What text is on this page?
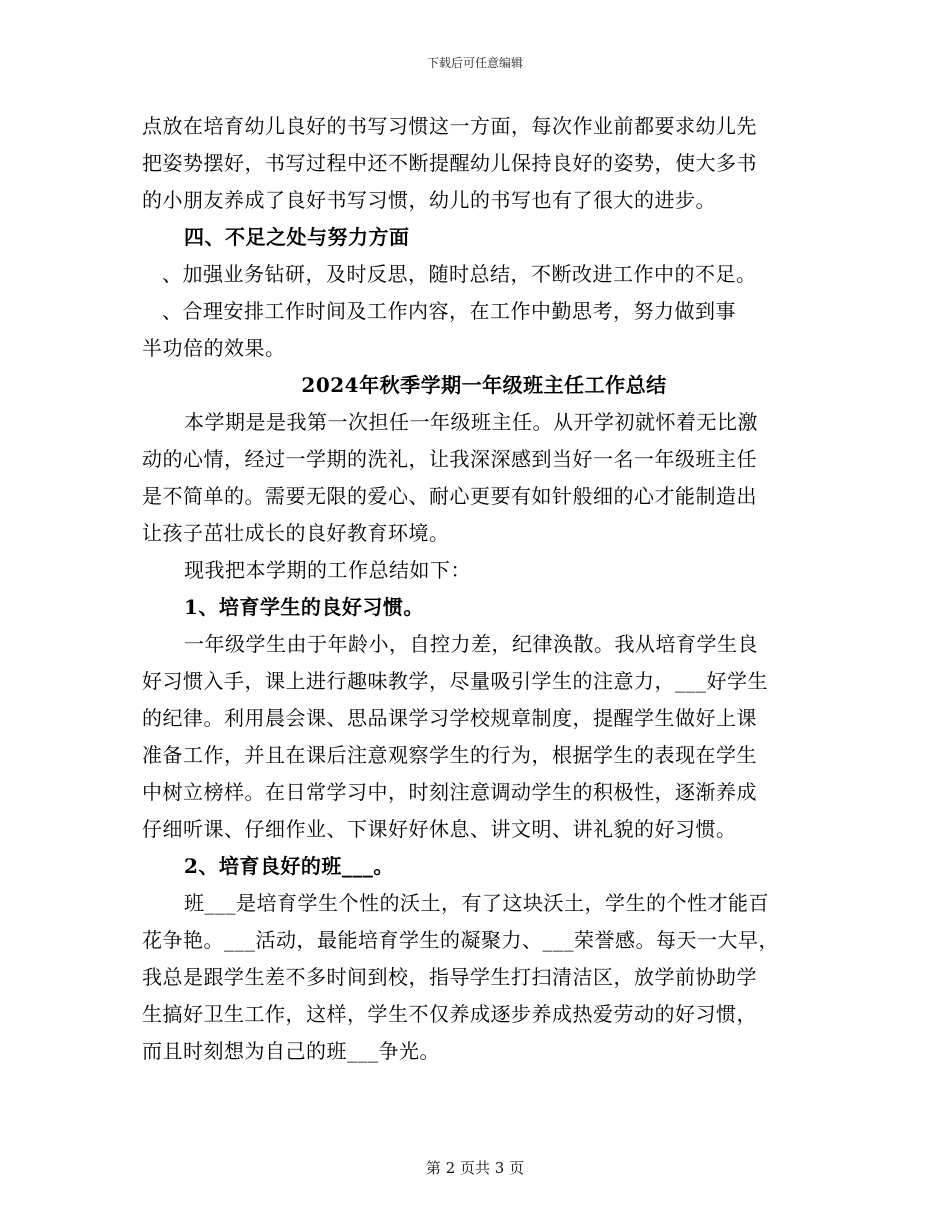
下载后可任意编辑
点放在培育幼儿良好的书写习惯这一方面，每次作业前都要求幼儿先
把姿势摆好，书写过程中还不断提醒幼儿保持良好的姿势，使大多书
的小朋友养成了良好书写习惯，幼儿的书写也有了很大的进步。
四、不足之处与努力方面
、加强业务钻研，及时反思，随时总结，不断改进工作中的不足。
、合理安排工作时间及工作内容，在工作中勤思考，努力做到事
半功倍的效果。
2024年秋季学期一年级班主任工作总结
本学期是是我第一次担任一年级班主任。从开学初就怀着无比激
动的心情，经过一学期的洗礼，让我深深感到当好一名一年级班主任
是不简单的。需要无限的爱心、耐心更要有如针般细的心才能制造出
让孩子茁壮成长的良好教育环境。
现我把本学期的工作总结如下：
1、培育学生的良好习惯。
一年级学生由于年龄小，自控力差，纪律涣散。我从培育学生良
好习惯入手，课上进行趣味教学，尽量吸引学生的注意力，___好学生
的纪律。利用晨会课、思品课学习学校规章制度，提醒学生做好上课
准备工作，并且在课后注意观察学生的行为，根据学生的表现在学生
中树立榜样。在日常学习中，时刻注意调动学生的积极性，逐渐养成
仔细听课、仔细作业、下课好好休息、讲文明、讲礼貌的好习惯。
2、培育良好的班___。
班___是培育学生个性的沃土，有了这块沃土，学生的个性才能百
花争艳。___活动，最能培育学生的凝聚力、___荣誉感。每天一大早，
我总是跟学生差不多时间到校，指导学生打扫清洁区，放学前协助学
生搞好卫生工作，这样，学生不仅养成逐步养成热爱劳动的好习惯，
而且时刻想为自己的班___争光。
第 2 页共 3 页
